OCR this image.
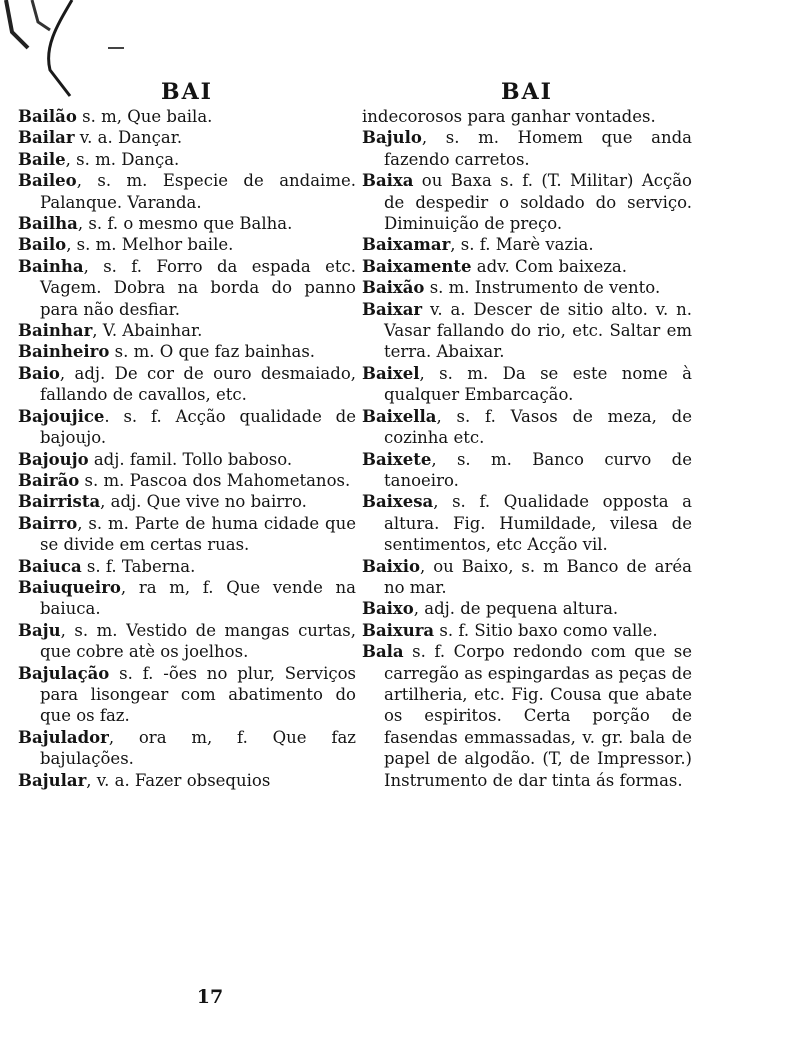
BAI

Bailão s. m, Que baila.

Bailar v. a. Dançar.

Baile, s. m. Dança.

Baileo, s. m. Especie de andaime. Palanque. Varanda.

Bailha, s. f. o mesmo que Balha.

Bailo, s. m. Melhor baile.

Bainha, s. f. Forro da espada etc. Vagem. Dobra na borda do panno para não desfiar.

Bainhar, V. Abainhar.

Bainheiro s. m. O que faz bainhas.

Baio, adj. De cor de ouro desmaiado, fallando de cavallos, etc.

Bajoujice. s. f. Acção qualidade de bajoujo.

Bajoujo adj. famil. Tollo baboso.

Bairão s. m. Pascoa dos Mahometanos.

Bairrista, adj. Que vive no bairro.

Bairro, s. m. Parte de huma cidade que se divide em certas ruas.

Baiuca s. f. Taberna.

Baiuqueiro, ra m, f. Que vende na baiuca.

Baju, s. m. Vestido de mangas curtas, que cobre atè os joelhos.

Bajulação s. f. -ões no plur, Serviços para lisongear com abatimento do que os faz.

Bajulador, ora m, f. Que faz bajulações.

Bajular, v. a. Fazer obsequios

BAI

indecorosos para ganhar vontades.

Bajulo, s. m. Homem que anda fazendo carretos.

Baixa ou Baxa s. f. (T. Militar) Acção de despedir o soldado do serviço. Diminuição de preço.

Baixamar, s. f. Marè vazia.

Baixamente adv. Com baixeza.

Baixão s. m. Instrumento de vento.

Baixar v. a. Descer de sitio alto. v. n. Vasar fallando do rio, etc. Saltar em terra. Abaixar.

Baixel, s. m. Da se este nome à qualquer Embarcação.

Baixella, s. f. Vasos de meza, de cozinha etc.

Baixete, s. m. Banco curvo de tanoeiro.

Baixesa, s. f. Qualidade opposta a altura. Fig. Humildade, vilesa de sentimentos, etc Acção vil.

Baixio, ou Baixo, s. m Banco de aréa no mar.

Baixo, adj. de pequena altura.

Baixura s. f. Sitio baxo como valle.

Bala s. f. Corpo redondo com que se carregão as espingardas as peças de artilheria, etc. Fig. Cousa que abate os espiritos. Certa porção de fasendas emmassadas, v. gr. bala de papel de algodão. (T, de Impressor.) Instrumento de dar tinta ás formas.

17
